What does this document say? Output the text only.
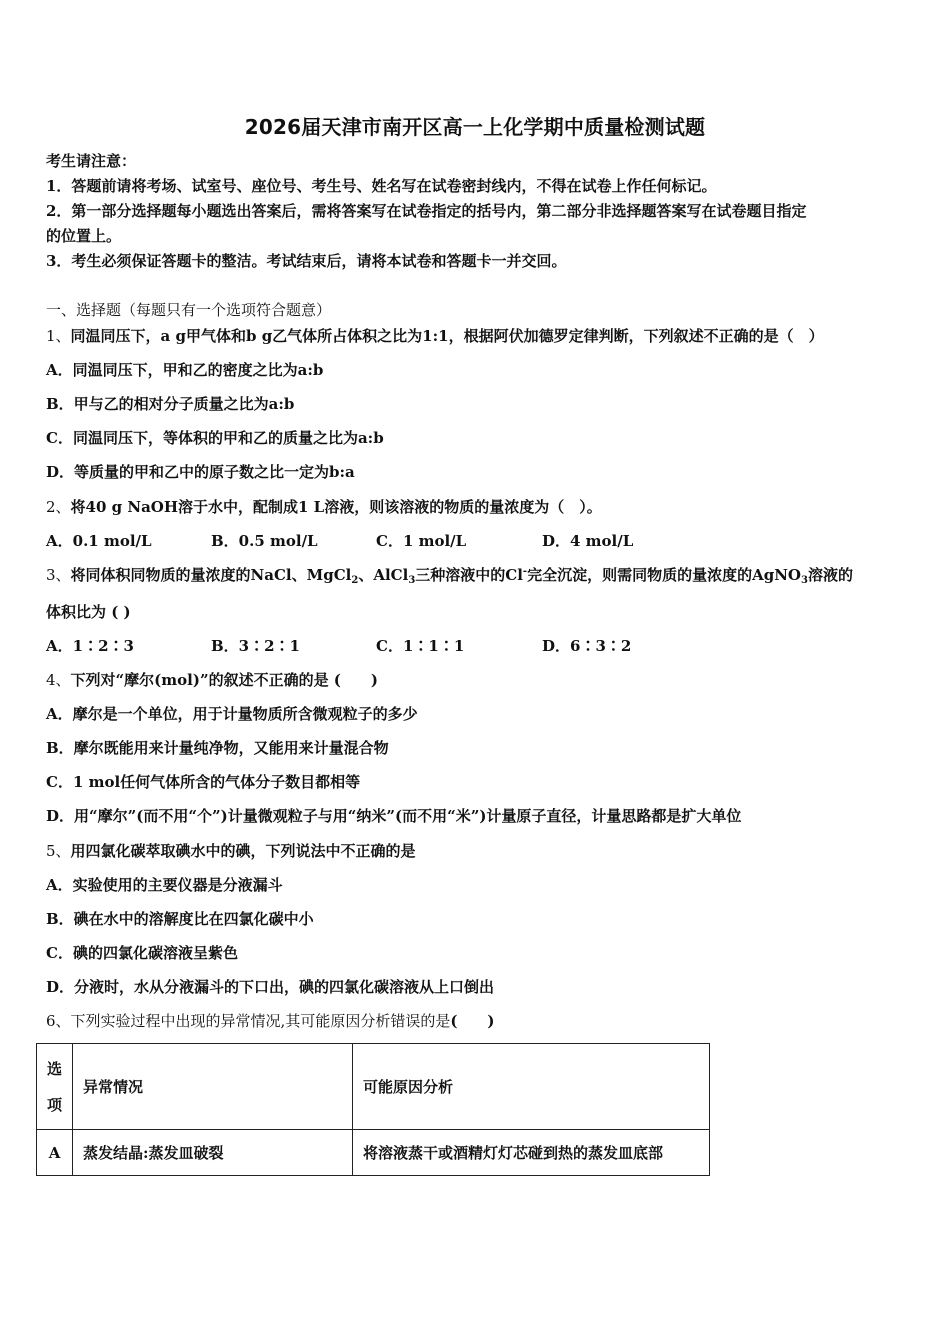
2026届天津市南开区高一上化学期中质量检测试题
考生请注意：
1．答题前请将考场、试室号、座位号、考生号、姓名写在试卷密封线内，不得在试卷上作任何标记。
2．第一部分选择题每小题选出答案后，需将答案写在试卷指定的括号内，第二部分非选择题答案写在试卷题目指定
的位置上。
3．考生必须保证答题卡的整洁。考试结束后，请将本试卷和答题卡一并交回。
一、选择题（每题只有一个选项符合题意）
1、同温同压下，a g甲气体和b g乙气体所占体积之比为1:1，根据阿伏加德罗定律判断，下列叙述不正确的是（　）
A．同温同压下，甲和乙的密度之比为a:b
B．甲与乙的相对分子质量之比为a:b
C．同温同压下，等体积的甲和乙的质量之比为a:b
D．等质量的甲和乙中的原子数之比一定为b:a
2、将40 g NaOH溶于水中，配制成1 L溶液，则该溶液的物质的量浓度为（　）。
A．0.1 mol/L	B．0.5 mol/L	C．1 mol/L	D．4 mol/L
3、将同体积同物质的量浓度的NaCl、MgCl$_2$、AlCl$_3$三种溶液中的Cl-完全沉淀，则需同物质的量浓度的AgNO$_3$溶液的
体积比为 ( )
A．1∶2∶3	B．3∶2∶1	C．1∶1∶1	D．6∶3∶2
4、下列对“摩尔(mol)”的叙述不正确的是 (　　)
A．摩尔是一个单位，用于计量物质所含微观粒子的多少
B．摩尔既能用来计量纯净物，又能用来计量混合物
C．1 mol任何气体所含的气体分子数目都相等
D．用“摩尔”(而不用“个”)计量微观粒子与用“纳米”(而不用“米”)计量原子直径，计量思路都是扩大单位
5、用四氯化碳萃取碘水中的碘，下列说法中不正确的是
A．实验使用的主要仪器是分液漏斗
B．碘在水中的溶解度比在四氯化碳中小
C．碘的四氯化碳溶液呈紫色
D．分液时，水从分液漏斗的下口出，碘的四氯化碳溶液从上口倒出
6、下列实验过程中出现的异常情况,其可能原因分析错误的是(　　)
选
项	异常情况	可能原因分析
A	蒸发结晶:蒸发皿破裂	将溶液蒸干或酒精灯灯芯碰到热的蒸发皿底部
